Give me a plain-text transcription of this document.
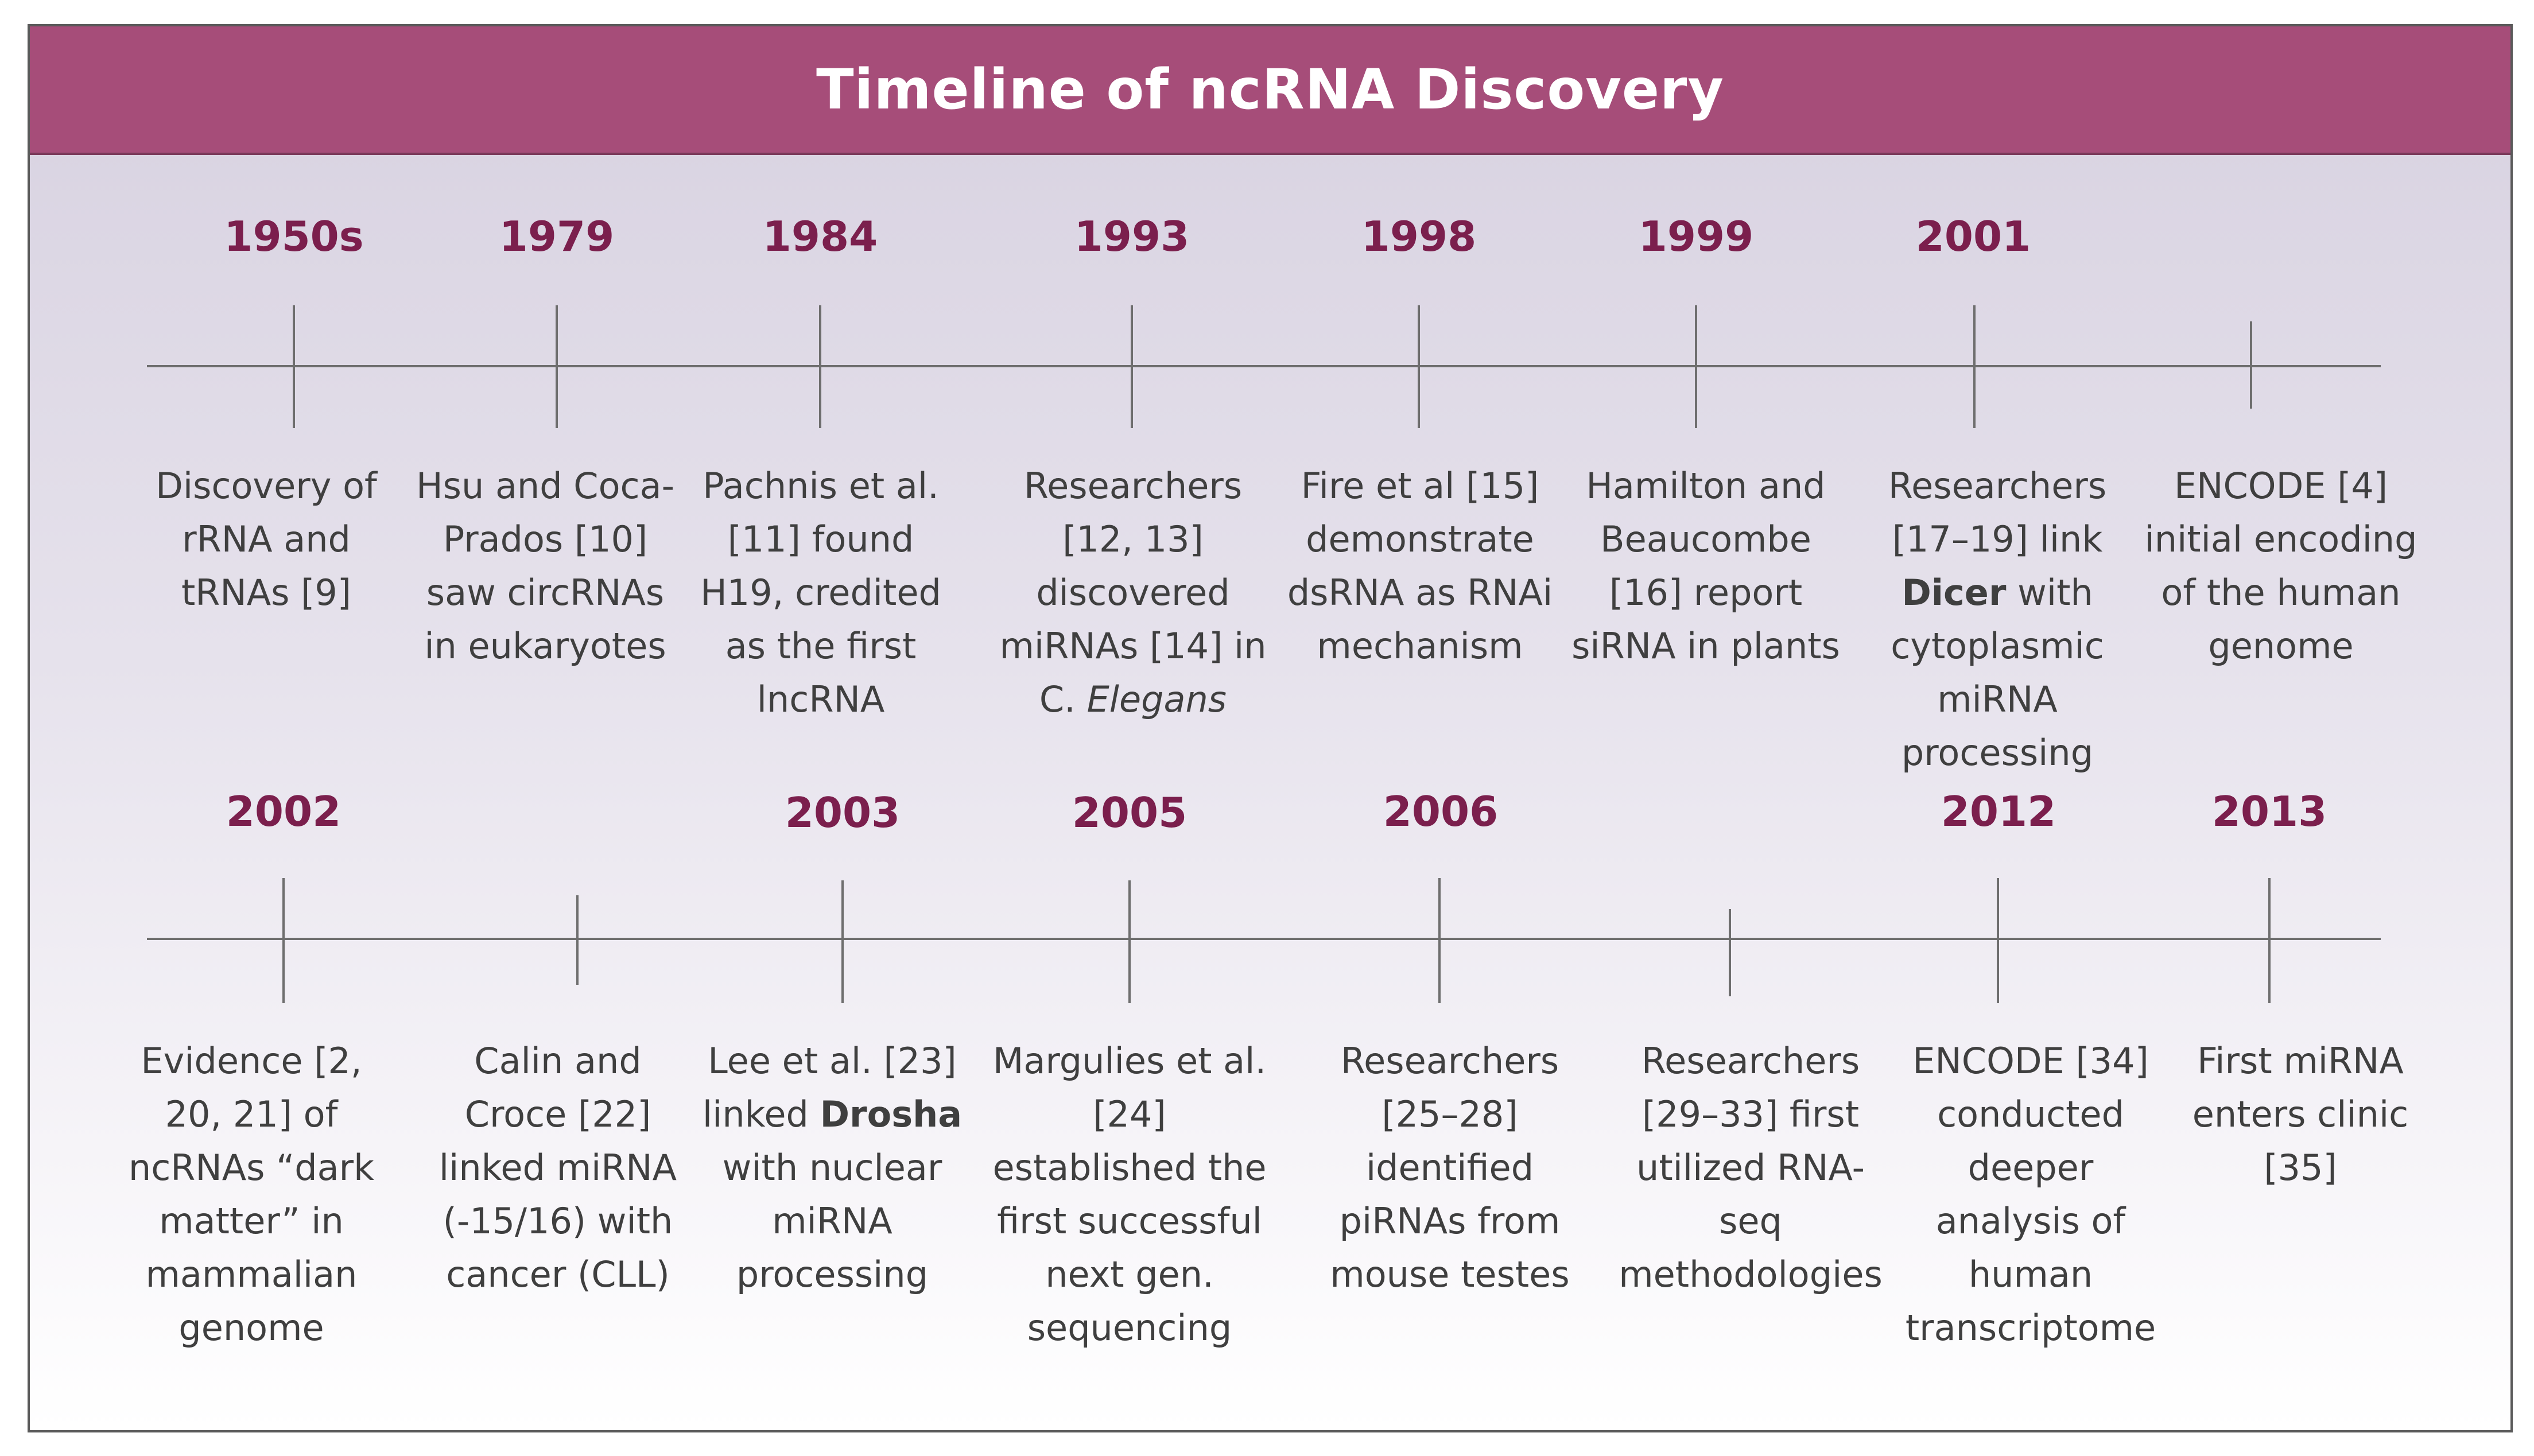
Timeline of ncRNA Discovery
1950s	1979	1984	1993	1998	1999	2001
Discovery of rRNA and tRNAs [9]
Hsu and Coca-Prados [10] saw circRNAs in eukaryotes
Pachnis et al. [11] found H19, credited as the first lncRNA
Researchers [12, 13] discovered miRNAs [14] in C. Elegans
Fire et al [15] demonstrate dsRNA as RNAi mechanism
Hamilton and Beaucombe [16] report siRNA in plants
Researchers [17–19] link Dicer with cytoplasmic miRNA processing
ENCODE [4] initial encoding of the human genome
2002	2003	2005	2006	2012	2013
Evidence [2, 20, 21] of ncRNAs “dark matter” in mammalian genome
Calin and Croce [22] linked miRNA (-15/16) with cancer (CLL)
Lee et al. [23] linked Drosha with nuclear miRNA processing
Margulies et al. [24] established the first successful next gen. sequencing
Researchers [25–28] identified piRNAs from mouse testes
Researchers [29–33] first utilized RNA-seq methodologies
ENCODE [34] conducted deeper analysis of human transcriptome
First miRNA enters clinic [35]
